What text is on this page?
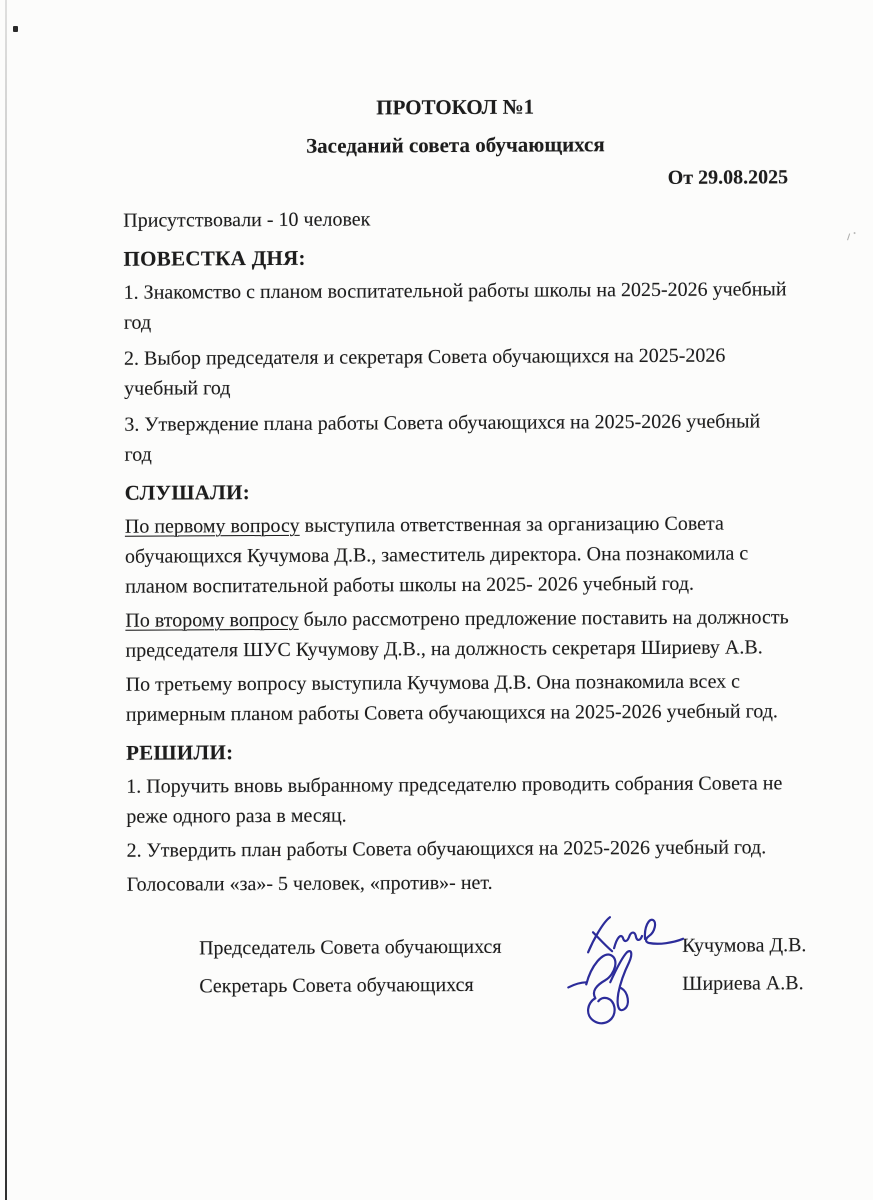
ПРОТОКОЛ №1
Заседаний совета обучающихся
От 29.08.2025
Присутствовали - 10 человек
ПОВЕСТКА ДНЯ:
1. Знакомство с планом воспитательной работы школы на 2025-2026 учебный год
2. Выбор председателя и секретаря Совета обучающихся на 2025-2026 учебный год
3. Утверждение плана работы Совета обучающихся на 2025-2026 учебный год
СЛУШАЛИ:
По первому вопросу выступила ответственная за организацию Совета обучающихся Кучумова Д.В., заместитель директора. Она познакомила с планом воспитательной работы школы на 2025- 2026 учебный год.
По второму вопросу было рассмотрено предложение поставить на должность председателя ШУС Кучумову Д.В., на должность секретаря Шириеву А.В.
По третьему вопросу выступила Кучумова Д.В. Она познакомила всех с примерным планом работы Совета обучающихся на 2025-2026 учебный год.
РЕШИЛИ:
1. Поручить вновь выбранному председателю проводить собрания Совета не реже одного раза в месяц.
2. Утвердить план работы Совета обучающихся на 2025-2026 учебный год.
Голосовали «за»- 5 человек, «против»- нет.
Председатель Совета обучающихся	Кучумова Д.В.
Секретарь Совета обучающихся	Шириева А.В.
